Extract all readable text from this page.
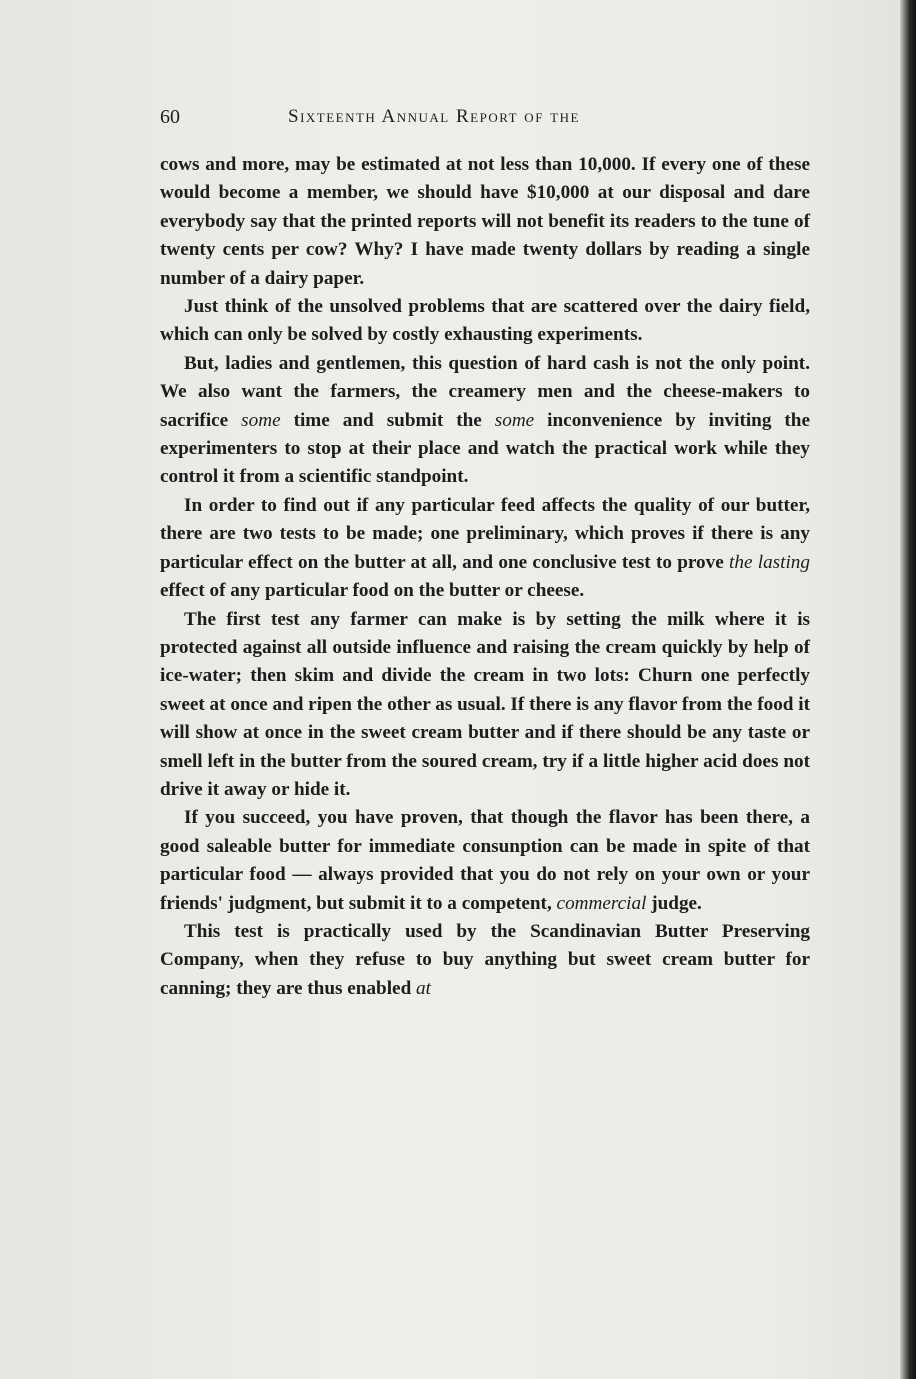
60	Sixteenth Annual Report of the

cows and more, may be estimated at not less than 10,000. If every one of these would become a member, we should have $10,000 at our disposal and dare everybody say that the printed reports will not benefit its readers to the tune of twenty cents per cow? Why? I have made twenty dollars by reading a single number of a dairy paper.

Just think of the unsolved problems that are scattered over the dairy field, which can only be solved by costly exhausting experiments.

But, ladies and gentlemen, this question of hard cash is not the only point. We also want the farmers, the creamery men and the cheese-makers to sacrifice some time and submit the some inconvenience by inviting the experimenters to stop at their place and watch the practical work while they control it from a scientific standpoint.

In order to find out if any particular feed affects the quality of our butter, there are two tests to be made; one preliminary, which proves if there is any particular effect on the butter at all, and one conclusive test to prove the lasting effect of any particular food on the butter or cheese.

The first test any farmer can make is by setting the milk where it is protected against all outside influence and raising the cream quickly by help of ice-water; then skim and divide the cream in two lots: Churn one perfectly sweet at once and ripen the other as usual. If there is any flavor from the food it will show at once in the sweet cream butter and if there should be any taste or smell left in the butter from the soured cream, try if a little higher acid does not drive it away or hide it.

If you succeed, you have proven, that though the flavor has been there, a good saleable butter for immediate consunption can be made in spite of that particular food — always provided that you do not rely on your own or your friends' judgment, but submit it to a competent, commercial judge.

This test is practically used by the Scandinavian Butter Preserving Company, when they refuse to buy anything but sweet cream butter for canning; they are thus enabled at
